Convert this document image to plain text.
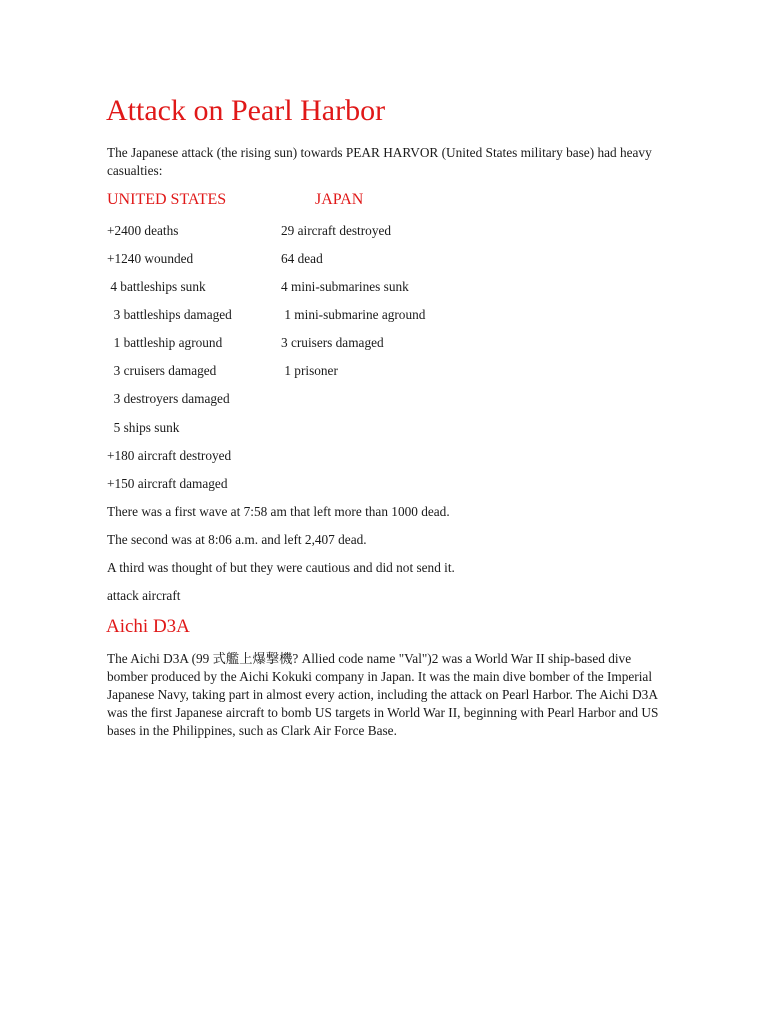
Attack on Pearl Harbor
The Japanese attack (the rising sun) towards PEAR HARVOR (United States military base) had heavy casualties:
UNITED STATES	JAPAN
+2400 deaths
+1240 wounded
4 battleships sunk
3 battleships damaged
1 battleship aground
3 cruisers damaged
3 destroyers damaged
5 ships sunk
+180 aircraft destroyed
+150 aircraft damaged
29 aircraft destroyed
64 dead
4 mini-submarines sunk
1 mini-submarine aground
3 cruisers damaged
1 prisoner
There was a first wave at 7:58 am that left more than 1000 dead.
The second was at 8:06 a.m. and left 2,407 dead.
A third was thought of but they were cautious and did not send it.
attack aircraft
Aichi D3A
The Aichi D3A (99 式艦上爆撃機? Allied code name "Val")2 was a World War II ship-based dive bomber produced by the Aichi Kokuki company in Japan. It was the main dive bomber of the Imperial Japanese Navy, taking part in almost every action, including the attack on Pearl Harbor. The Aichi D3A was the first Japanese aircraft to bomb US targets in World War II, beginning with Pearl Harbor and US bases in the Philippines, such as Clark Air Force Base.
